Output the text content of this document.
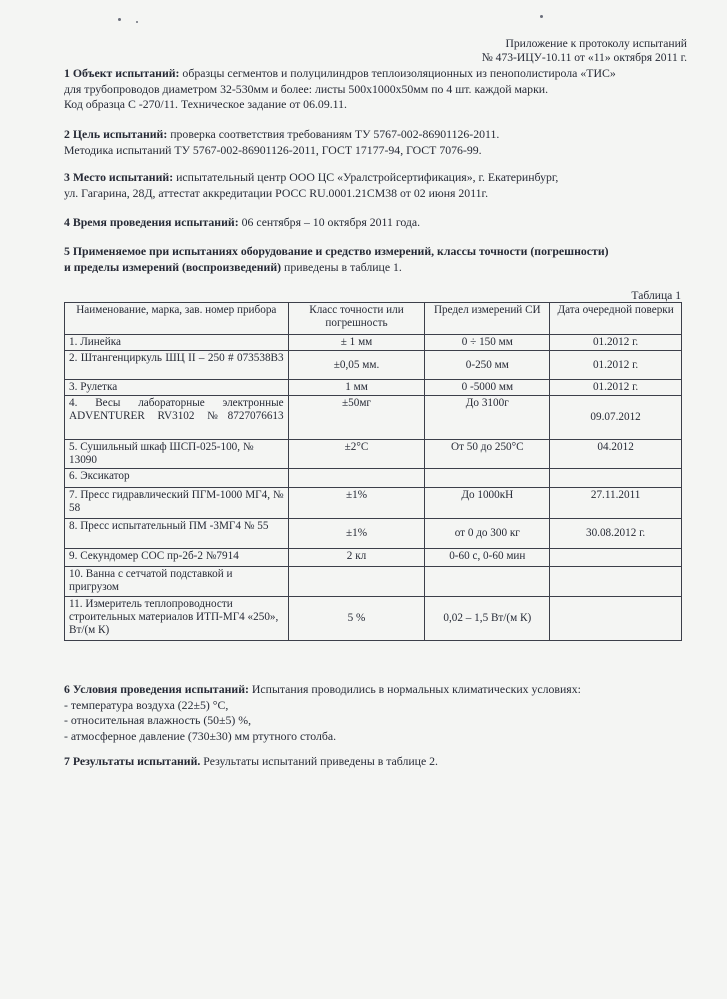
Приложение к протоколу испытаний
№ 473-ИЦУ-10.11 от «11» октября 2011 г.
1 Объект испытаний: образцы сегментов и полуцилиндров теплоизоляционных из пенополистирола «ТИС»
для трубопроводов диаметром 32-530мм и более: листы 500х1000х50мм по 4 шт. каждой марки.
Код образца С -270/11. Техническое задание от 06.09.11.
2 Цель испытаний: проверка соответствия требованиям ТУ 5767-002-86901126-2011.
Методика испытаний ТУ 5767-002-86901126-2011, ГОСТ 17177-94, ГОСТ 7076-99.
3 Место испытаний: испытательный центр ООО ЦС «Уралстройсертификация», г. Екатеринбург,
ул. Гагарина, 28Д, аттестат аккредитации РОСС RU.0001.21СМ38 от 02 июня 2011г.
4 Время проведения испытаний: 06 сентября – 10 октября 2011 года.
5 Применяемое при испытаниях оборудование и средство измерений, классы точности (погрешности)
и пределы измерений (воспроизведений) приведены в таблице 1.
Таблица 1
Наименование, марка, зав. номер прибора	Класс точности или погрешность	Предел измерений СИ	Дата очередной поверки
1. Линейка	± 1 мм	0 ÷ 150 мм	01.2012 г.
2. Штангенциркуль ШЦ II – 250 # 073538В3	±0,05 мм.	0-250 мм	01.2012 г.
3. Рулетка	1 мм	0 -5000 мм	01.2012 г.
4. Весы лабораторные электронные ADVENTURER RV3102 №8727076613	±50мг	До 3100г	09.07.2012
5. Сушильный шкаф ШСП-025-100, № 13090	±2°С	От 50 до 250°С	04.2012
6. Эксикатор			
7. Пресс гидравлический ПГМ-1000 МГ4, № 58	±1%	До 1000кН	27.11.2011
8. Пресс испытательный ПМ -3МГ4 № 55	±1%	от 0 до 300 кг	30.08.2012 г.
9. Секундомер СОС пр-2б-2 №7914	2 кл	0-60 с, 0-60 мин	
10. Ванна с сетчатой подставкой и пригрузом			
11. Измеритель теплопроводности строительных материалов ИТП-МГ4 «250», Вт/(м К)	5 %	0,02 – 1,5 Вт/(м К)	
6 Условия проведения испытаний: Испытания проводились в нормальных климатических условиях:
- температура воздуха (22±5) °С,
- относительная влажность (50±5) %,
- атмосферное давление (730±30) мм ртутного столба.
7 Результаты испытаний. Результаты испытаний приведены в таблице 2.
